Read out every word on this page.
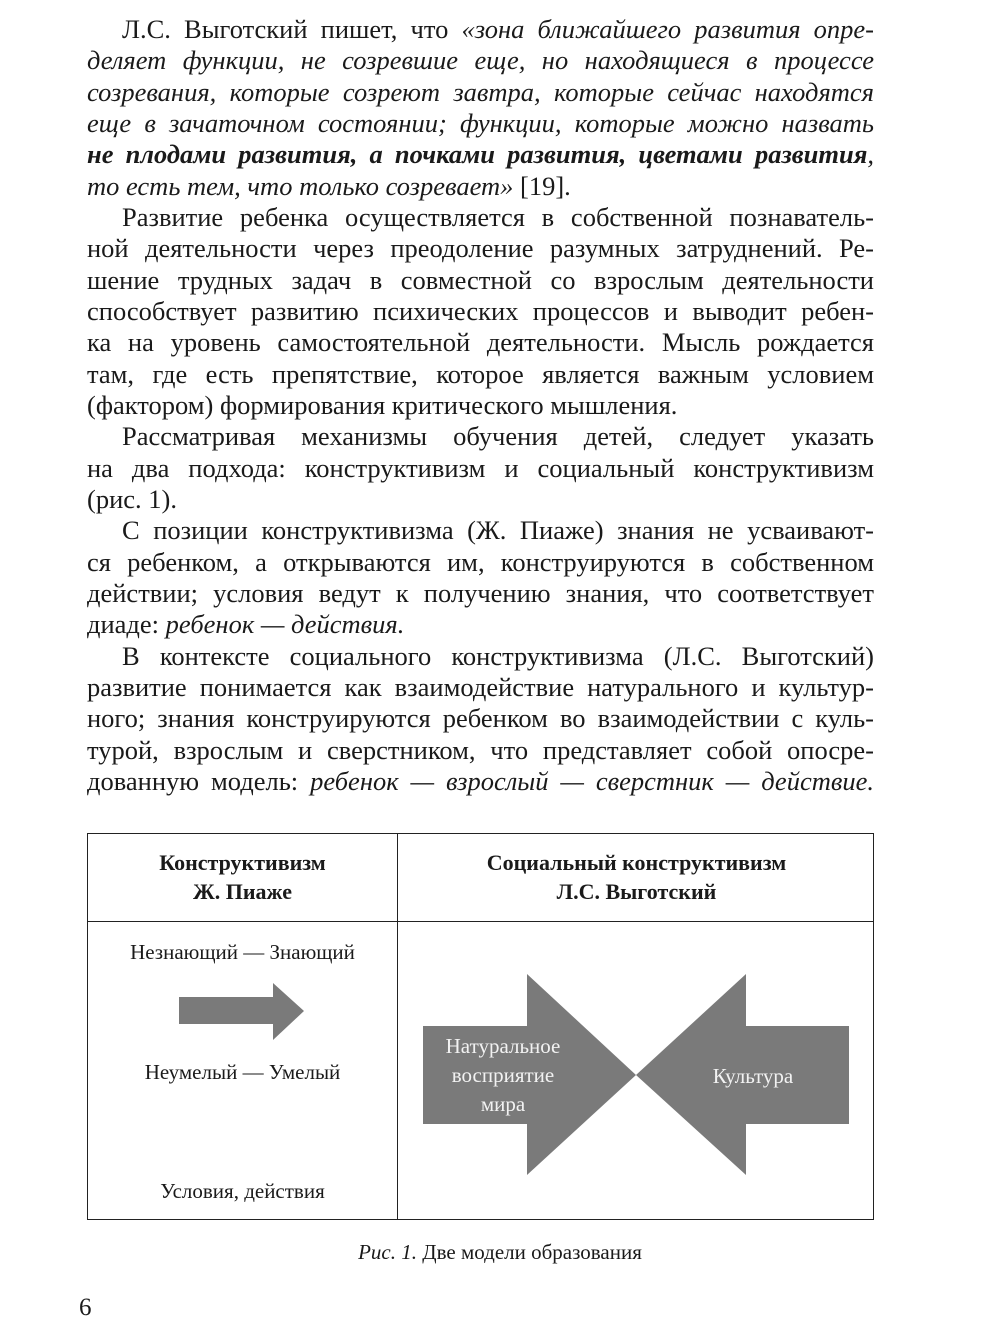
Л.С. Выготский пишет, что «зона ближайшего развития опре-
деляет функции, не созревшие еще, но находящиеся в процессе
созревания, которые созреют завтра, которые сейчас находятся
еще в зачаточном состоянии; функции, которые можно назвать
не плодами развития, а почками развития, цветами развития,
то есть тем, что только созревает» [19].
Развитие ребенка осуществляется в собственной познаватель-
ной деятельности через преодоление разумных затруднений. Ре-
шение трудных задач в совместной со взрослым деятельности
способствует развитию психических процессов и выводит ребен-
ка на уровень самостоятельной деятельности. Мысль рождается
там, где есть препятствие, которое является важным условием
(фактором) формирования критического мышления.
Рассматривая механизмы обучения детей, следует указать
на два подхода: конструктивизм и социальный конструктивизм
(рис. 1).
С позиции конструктивизма (Ж. Пиаже) знания не усваивают-
ся ребенком, а открываются им, конструируются в собственном
действии; условия ведут к получению знания, что соответствует
диаде: ребенок — действия.
В контексте социального конструктивизма (Л.С. Выготский)
развитие понимается как взаимодействие натурального и культур-
ного; знания конструируются ребенком во взаимодействии с куль-
турой, взрослым и сверстником, что представляет собой опосре-
дованную модель: ребенок — взрослый — сверстник — действие.
Конструктивизм
Ж. Пиаже
Социальный конструктивизм
Л.С. Выготский
Незнающий — Знающий
Неумелый — Умелый
Условия, действия
Натуральное
восприятие
мира
Культура
Рис. 1. Две модели образования
6
